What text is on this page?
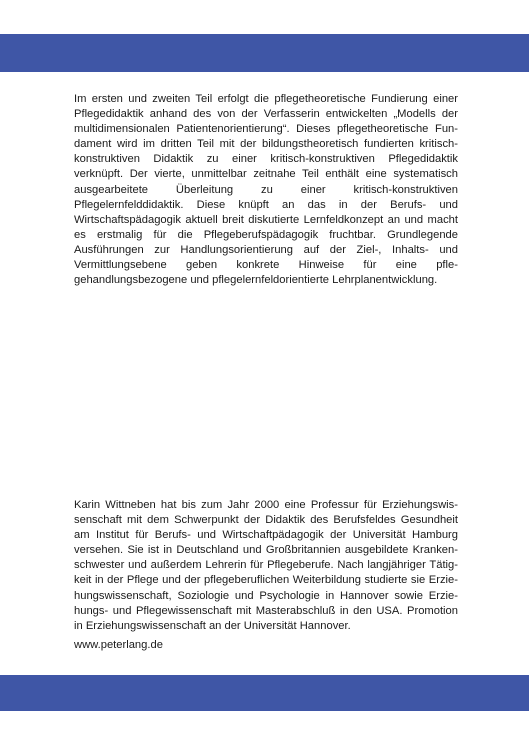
Im ersten und zweiten Teil erfolgt die pflegetheoretische Fundierung einer Pflegedidaktik anhand des von der Verfasserin entwickelten „Modells der multidimensionalen Patientenorientierung“. Dieses pflegetheoretische Fundament wird im dritten Teil mit der bildungstheoretisch fundierten kritisch-konstruktiven Didaktik zu einer kritisch-konstruktiven Pflegedidaktik verknüpft. Der vierte, unmittelbar zeitnahe Teil enthält eine systematisch ausgearbeitete Überleitung zu einer kritisch-konstruktiven Pflegelernfelddidaktik. Diese knüpft an das in der Berufs- und Wirtschaftspädagogik aktuell breit diskutierte Lernfeldkonzept an und macht es erstmalig für die Pflegeberufspädagogik fruchtbar. Grundlegende Ausführungen zur Handlungsorientierung auf der Ziel-, Inhalts- und Vermittlungsebene geben konkrete Hinweise für eine pflegehandlungsbezogene und pflegelernfeldorientierte Lehrplanentwicklung.

Karin Wittneben hat bis zum Jahr 2000 eine Professur für Erziehungswissenschaft mit dem Schwerpunkt der Didaktik des Berufsfeldes Gesundheit am Institut für Berufs- und Wirtschaftpädagogik der Universität Hamburg versehen. Sie ist in Deutschland und Großbritannien ausgebildete Krankenschwester und außerdem Lehrerin für Pflegeberufe. Nach langjähriger Tätigkeit in der Pflege und der pflegeberuflichen Weiterbildung studierte sie Erziehungswissenschaft, Soziologie und Psychologie in Hannover sowie Erziehungs- und Pflegewissenschaft mit Masterabschluß in den USA. Promotion in Erziehungswissenschaft an der Universität Hannover.

www.peterlang.de
